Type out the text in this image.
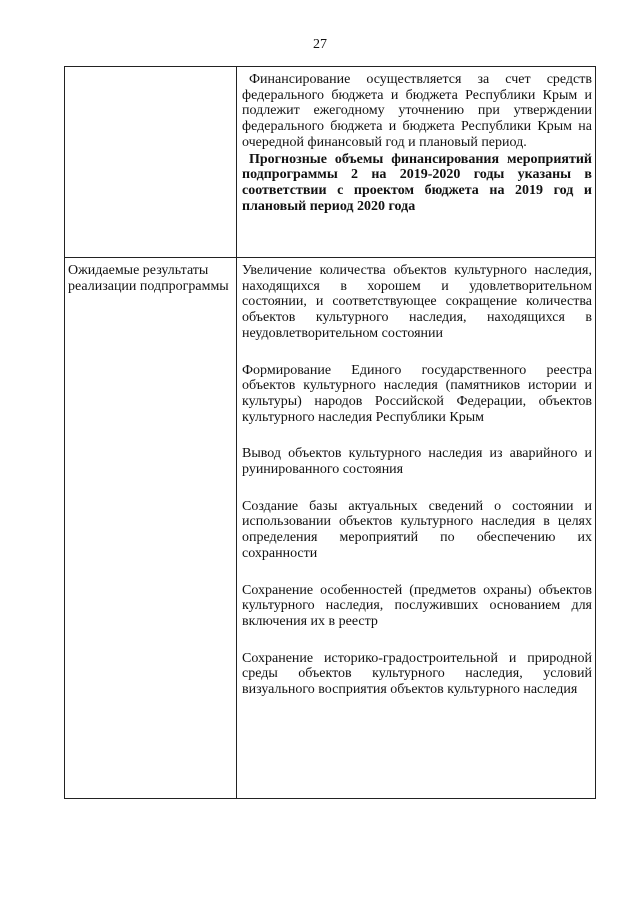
27

Финансирование осуществляется за счет средств федерального бюджета и бюджета Республики Крым и подлежит ежегодному уточнению при утверждении федерального бюджета и бюджета Республики Крым на очередной финансовый год и плановый период.

Прогнозные объемы финансирования мероприятий подпрограммы 2 на 2019-2020 годы указаны в соответствии с проектом бюджета на 2019 год и плановый период 2020 года

Ожидаемые результаты реализации подпрограммы

Увеличение количества объектов культурного наследия, находящихся в хорошем и удовлетворительном состоянии, и соответствующее сокращение количества объектов культурного наследия, находящихся в неудовлетворительном состоянии

Формирование Единого государственного реестра объектов культурного наследия (памятников истории и культуры) народов Российской Федерации, объектов культурного наследия Республики Крым

Вывод объектов культурного наследия из аварийного и руинированного состояния

Создание базы актуальных сведений о состоянии и использовании объектов культурного наследия в целях определения мероприятий по обеспечению их сохранности

Сохранение особенностей (предметов охраны) объектов культурного наследия, послуживших основанием для включения их в реестр

Сохранение историко-градостроительной и природной среды объектов культурного наследия, условий визуального восприятия объектов культурного наследия
